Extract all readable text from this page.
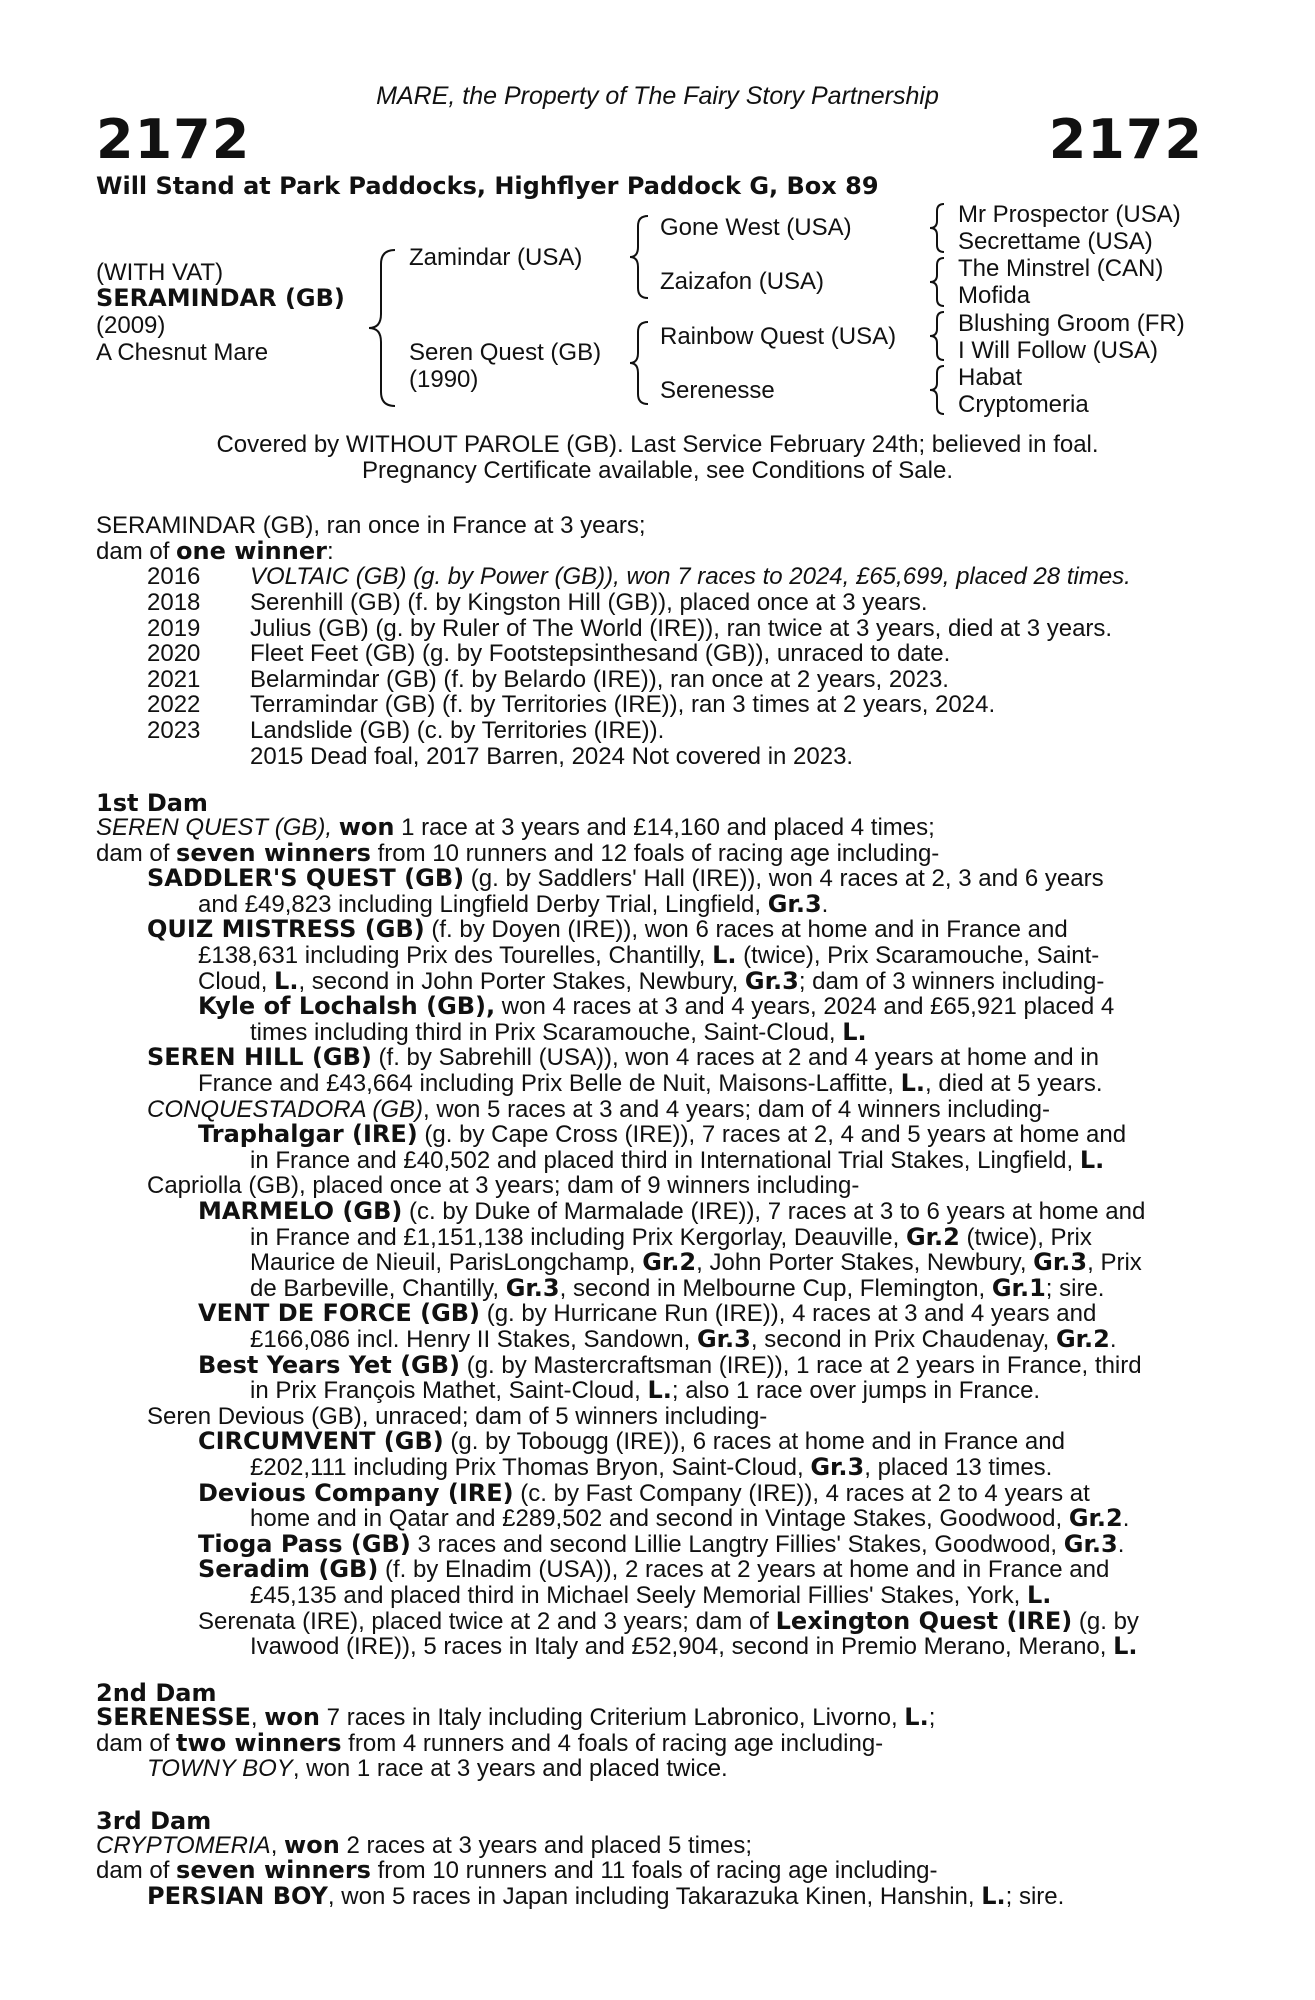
MARE, the Property of The Fairy Story Partnership
2172	2172
Will Stand at Park Paddocks, Highflyer Paddock G, Box 89
(WITH VAT)
SERAMINDAR (GB)
(2009)
A Chesnut Mare
Zamindar (USA)
Seren Quest (GB)
(1990)
Gone West (USA)
Zaizafon (USA)
Rainbow Quest (USA)
Serenesse
Mr Prospector (USA)
Secrettame (USA)
The Minstrel (CAN)
Mofida
Blushing Groom (FR)
I Will Follow (USA)
Habat
Cryptomeria
Covered by WITHOUT PAROLE (GB). Last Service February 24th; believed in foal.
Pregnancy Certificate available, see Conditions of Sale.
SERAMINDAR (GB), ran once in France at 3 years;
dam of one winner:
2016 VOLTAIC (GB) (g. by Power (GB)), won 7 races to 2024, £65,699, placed 28 times.
2018 Serenhill (GB) (f. by Kingston Hill (GB)), placed once at 3 years.
2019 Julius (GB) (g. by Ruler of The World (IRE)), ran twice at 3 years, died at 3 years.
2020 Fleet Feet (GB) (g. by Footstepsinthesand (GB)), unraced to date.
2021 Belarmindar (GB) (f. by Belardo (IRE)), ran once at 2 years, 2023.
2022 Terramindar (GB) (f. by Territories (IRE)), ran 3 times at 2 years, 2024.
2023 Landslide (GB) (c. by Territories (IRE)).
2015 Dead foal, 2017 Barren, 2024 Not covered in 2023.
1st Dam
SEREN QUEST (GB), won 1 race at 3 years and £14,160 and placed 4 times;
dam of seven winners from 10 runners and 12 foals of racing age including-
SADDLER'S QUEST (GB) (g. by Saddlers' Hall (IRE)), won 4 races at 2, 3 and 6 years
and £49,823 including Lingfield Derby Trial, Lingfield, Gr.3.
QUIZ MISTRESS (GB) (f. by Doyen (IRE)), won 6 races at home and in France and
£138,631 including Prix des Tourelles, Chantilly, L. (twice), Prix Scaramouche, Saint-
Cloud, L., second in John Porter Stakes, Newbury, Gr.3; dam of 3 winners including-
Kyle of Lochalsh (GB), won 4 races at 3 and 4 years, 2024 and £65,921 placed 4
times including third in Prix Scaramouche, Saint-Cloud, L.
SEREN HILL (GB) (f. by Sabrehill (USA)), won 4 races at 2 and 4 years at home and in
France and £43,664 including Prix Belle de Nuit, Maisons-Laffitte, L., died at 5 years.
CONQUESTADORA (GB), won 5 races at 3 and 4 years; dam of 4 winners including-
Traphalgar (IRE) (g. by Cape Cross (IRE)), 7 races at 2, 4 and 5 years at home and
in France and £40,502 and placed third in International Trial Stakes, Lingfield, L.
Capriolla (GB), placed once at 3 years; dam of 9 winners including-
MARMELO (GB) (c. by Duke of Marmalade (IRE)), 7 races at 3 to 6 years at home and
in France and £1,151,138 including Prix Kergorlay, Deauville, Gr.2 (twice), Prix
Maurice de Nieuil, ParisLongchamp, Gr.2, John Porter Stakes, Newbury, Gr.3, Prix
de Barbeville, Chantilly, Gr.3, second in Melbourne Cup, Flemington, Gr.1; sire.
VENT DE FORCE (GB) (g. by Hurricane Run (IRE)), 4 races at 3 and 4 years and
£166,086 incl. Henry II Stakes, Sandown, Gr.3, second in Prix Chaudenay, Gr.2.
Best Years Yet (GB) (g. by Mastercraftsman (IRE)), 1 race at 2 years in France, third
in Prix François Mathet, Saint-Cloud, L.; also 1 race over jumps in France.
Seren Devious (GB), unraced; dam of 5 winners including-
CIRCUMVENT (GB) (g. by Tobougg (IRE)), 6 races at home and in France and
£202,111 including Prix Thomas Bryon, Saint-Cloud, Gr.3, placed 13 times.
Devious Company (IRE) (c. by Fast Company (IRE)), 4 races at 2 to 4 years at
home and in Qatar and £289,502 and second in Vintage Stakes, Goodwood, Gr.2.
Tioga Pass (GB) 3 races and second Lillie Langtry Fillies' Stakes, Goodwood, Gr.3.
Seradim (GB) (f. by Elnadim (USA)), 2 races at 2 years at home and in France and
£45,135 and placed third in Michael Seely Memorial Fillies' Stakes, York, L.
Serenata (IRE), placed twice at 2 and 3 years; dam of Lexington Quest (IRE) (g. by
Ivawood (IRE)), 5 races in Italy and £52,904, second in Premio Merano, Merano, L.
2nd Dam
SERENESSE, won 7 races in Italy including Criterium Labronico, Livorno, L.;
dam of two winners from 4 runners and 4 foals of racing age including-
TOWNY BOY, won 1 race at 3 years and placed twice.
3rd Dam
CRYPTOMERIA, won 2 races at 3 years and placed 5 times;
dam of seven winners from 10 runners and 11 foals of racing age including-
PERSIAN BOY, won 5 races in Japan including Takarazuka Kinen, Hanshin, L.; sire.
